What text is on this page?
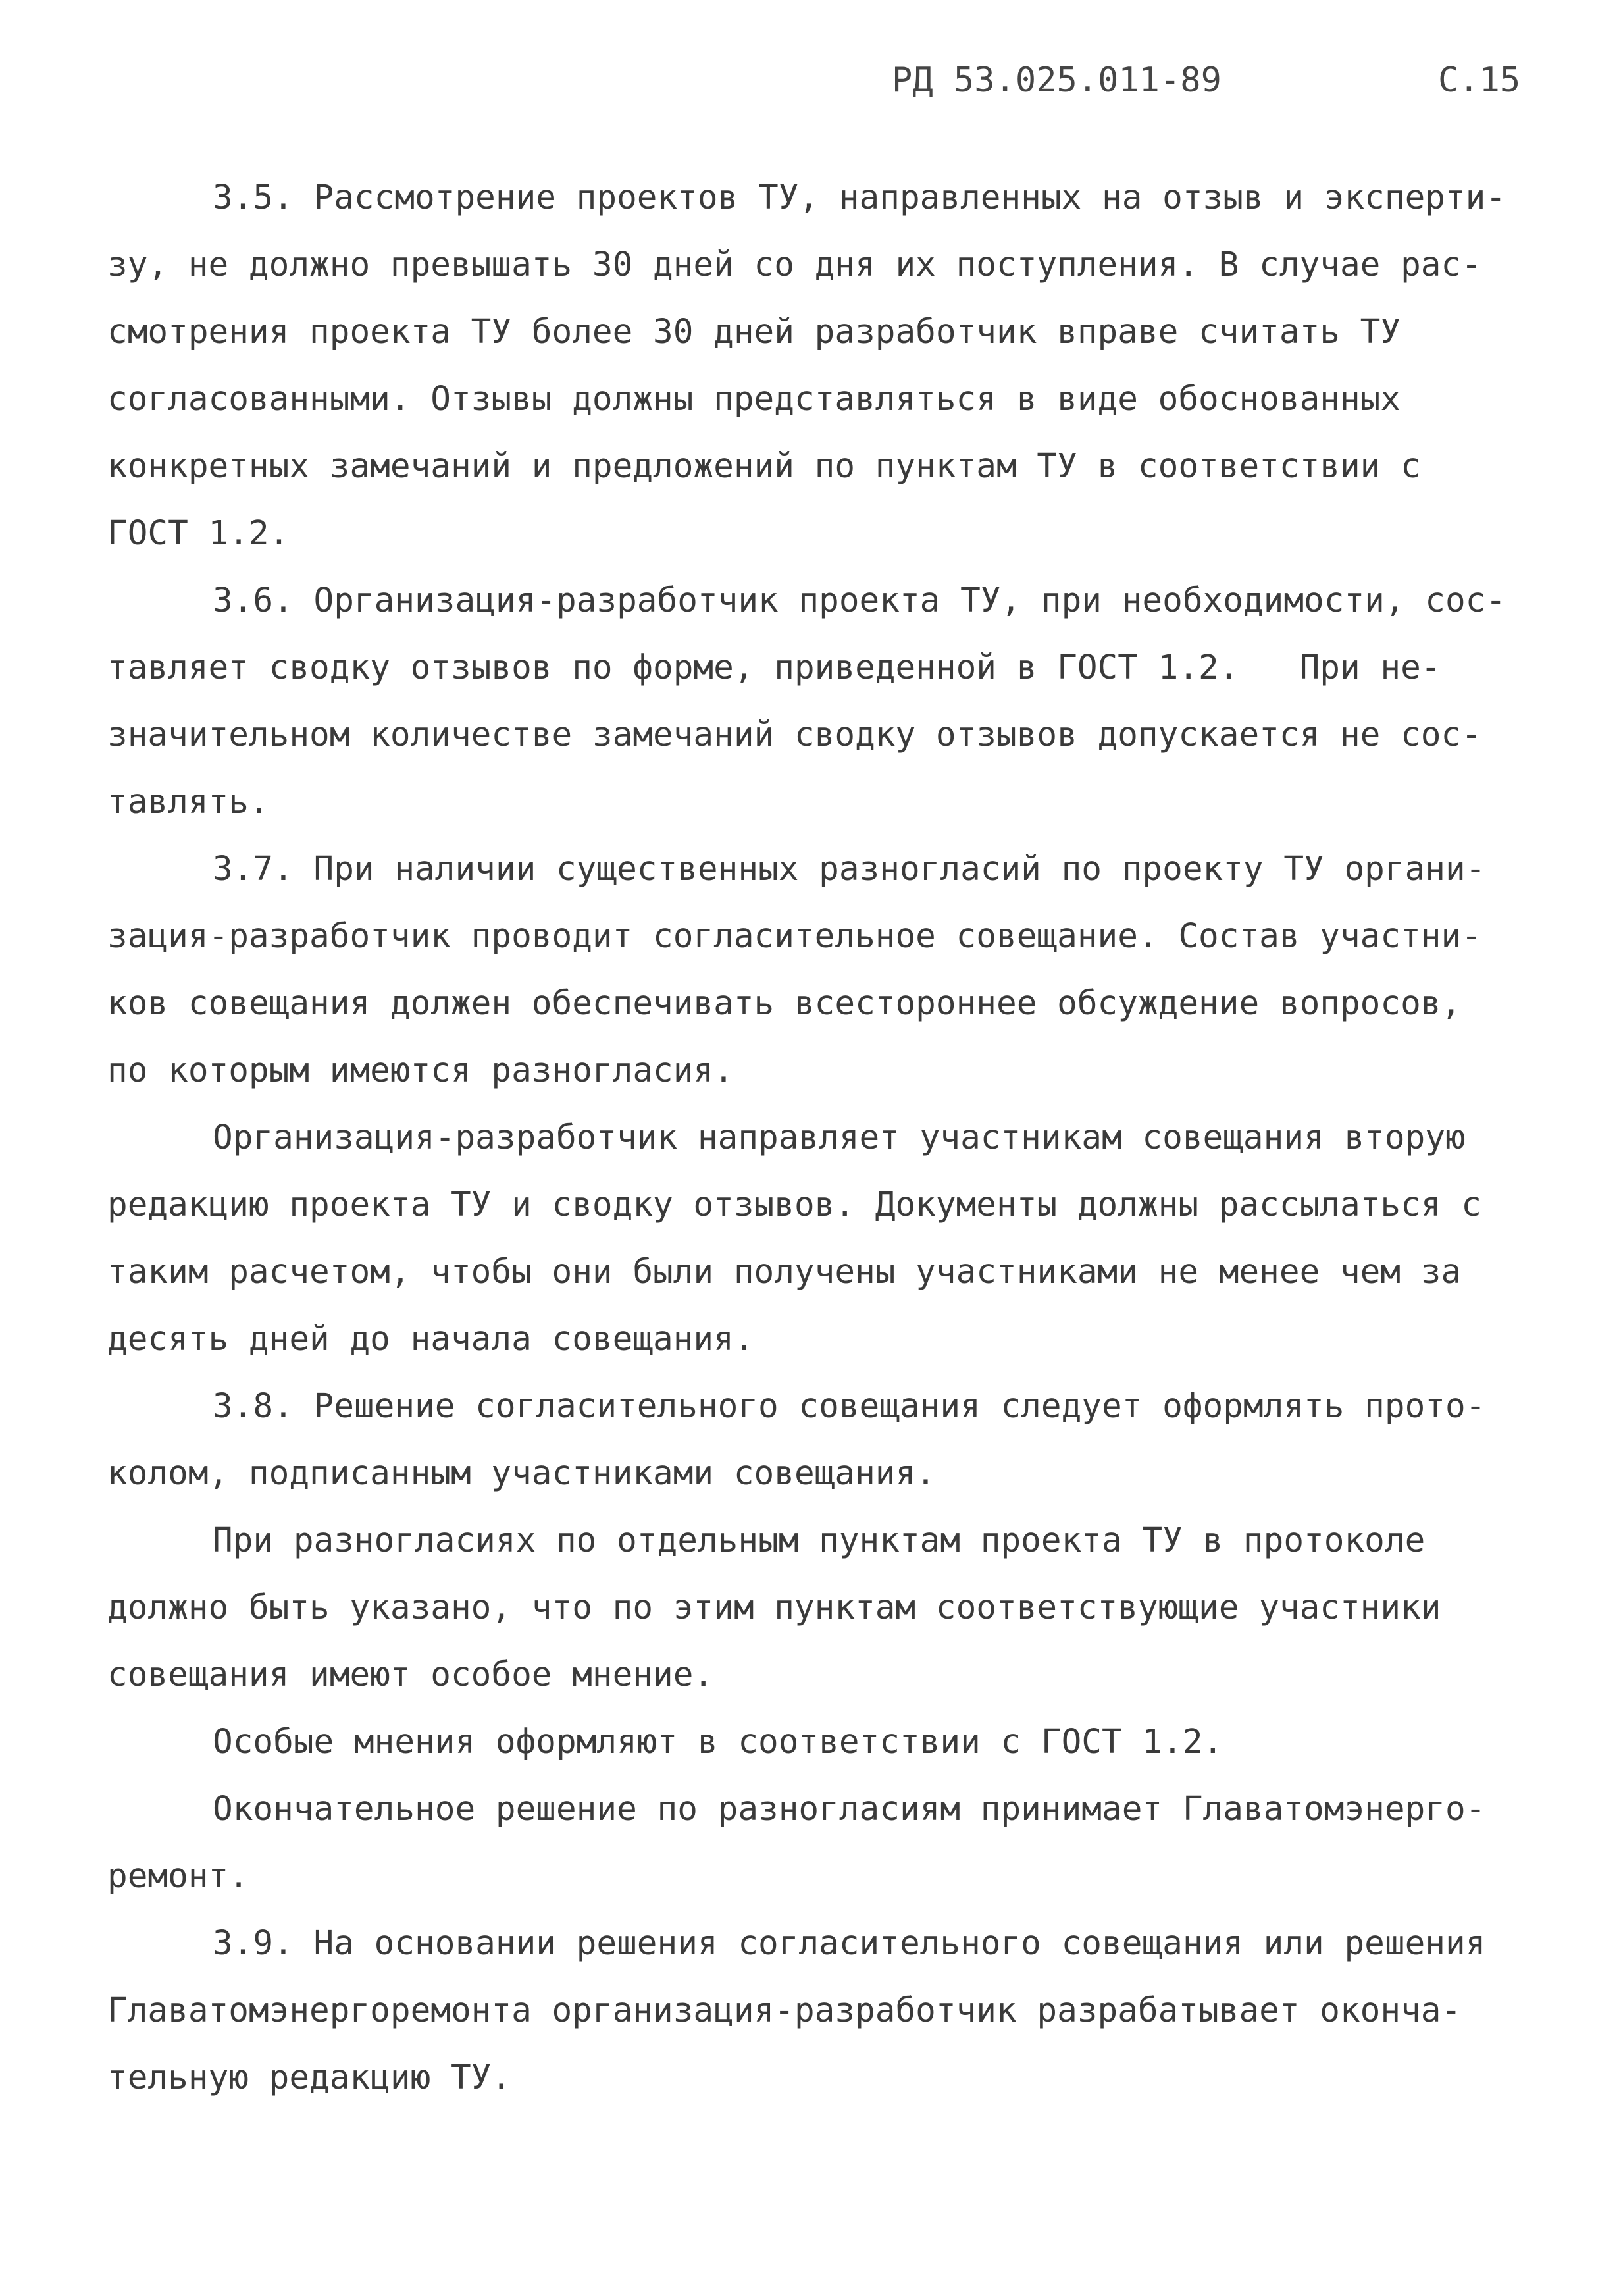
РД 53.025.011-89	С.15
3.5. Рассмотрение проектов ТУ, направленных на отзыв и эксперти-
зу, не должно превышать 30 дней со дня их поступления. В случае рас-
смотрения проекта ТУ более 30 дней разработчик вправе считать ТУ
согласованными. Отзывы должны представляться в виде обоснованных
конкретных замечаний и предложений по пунктам ТУ в соответствии с
ГОСТ 1.2.
3.6. Организация-разработчик проекта ТУ, при необходимости, сос-
тавляет сводку отзывов по форме, приведенной в ГОСТ 1.2.   При не-
значительном количестве замечаний сводку отзывов допускается не сос-
тавлять.
3.7. При наличии существенных разногласий по проекту ТУ органи-
зация-разработчик проводит согласительное совещание. Состав участни-
ков совещания должен обеспечивать всестороннее обсуждение вопросов,
по которым имеются разногласия.
Организация-разработчик направляет участникам совещания вторую
редакцию проекта ТУ и сводку отзывов. Документы должны рассылаться с
таким расчетом, чтобы они были получены участниками не менее чем за
десять дней до начала совещания.
3.8. Решение согласительного совещания следует оформлять прото-
колом, подписанным участниками совещания.
При разногласиях по отдельным пунктам проекта ТУ в протоколе
должно быть указано, что по этим пунктам соответствующие участники
совещания имеют особое мнение.
Особые мнения оформляют в соответствии с ГОСТ 1.2.
Окончательное решение по разногласиям принимает Главатомэнерго-
ремонт.
3.9. На основании решения согласительного совещания или решения
Главатомэнергоремонта организация-разработчик разрабатывает оконча-
тельную редакцию ТУ.
